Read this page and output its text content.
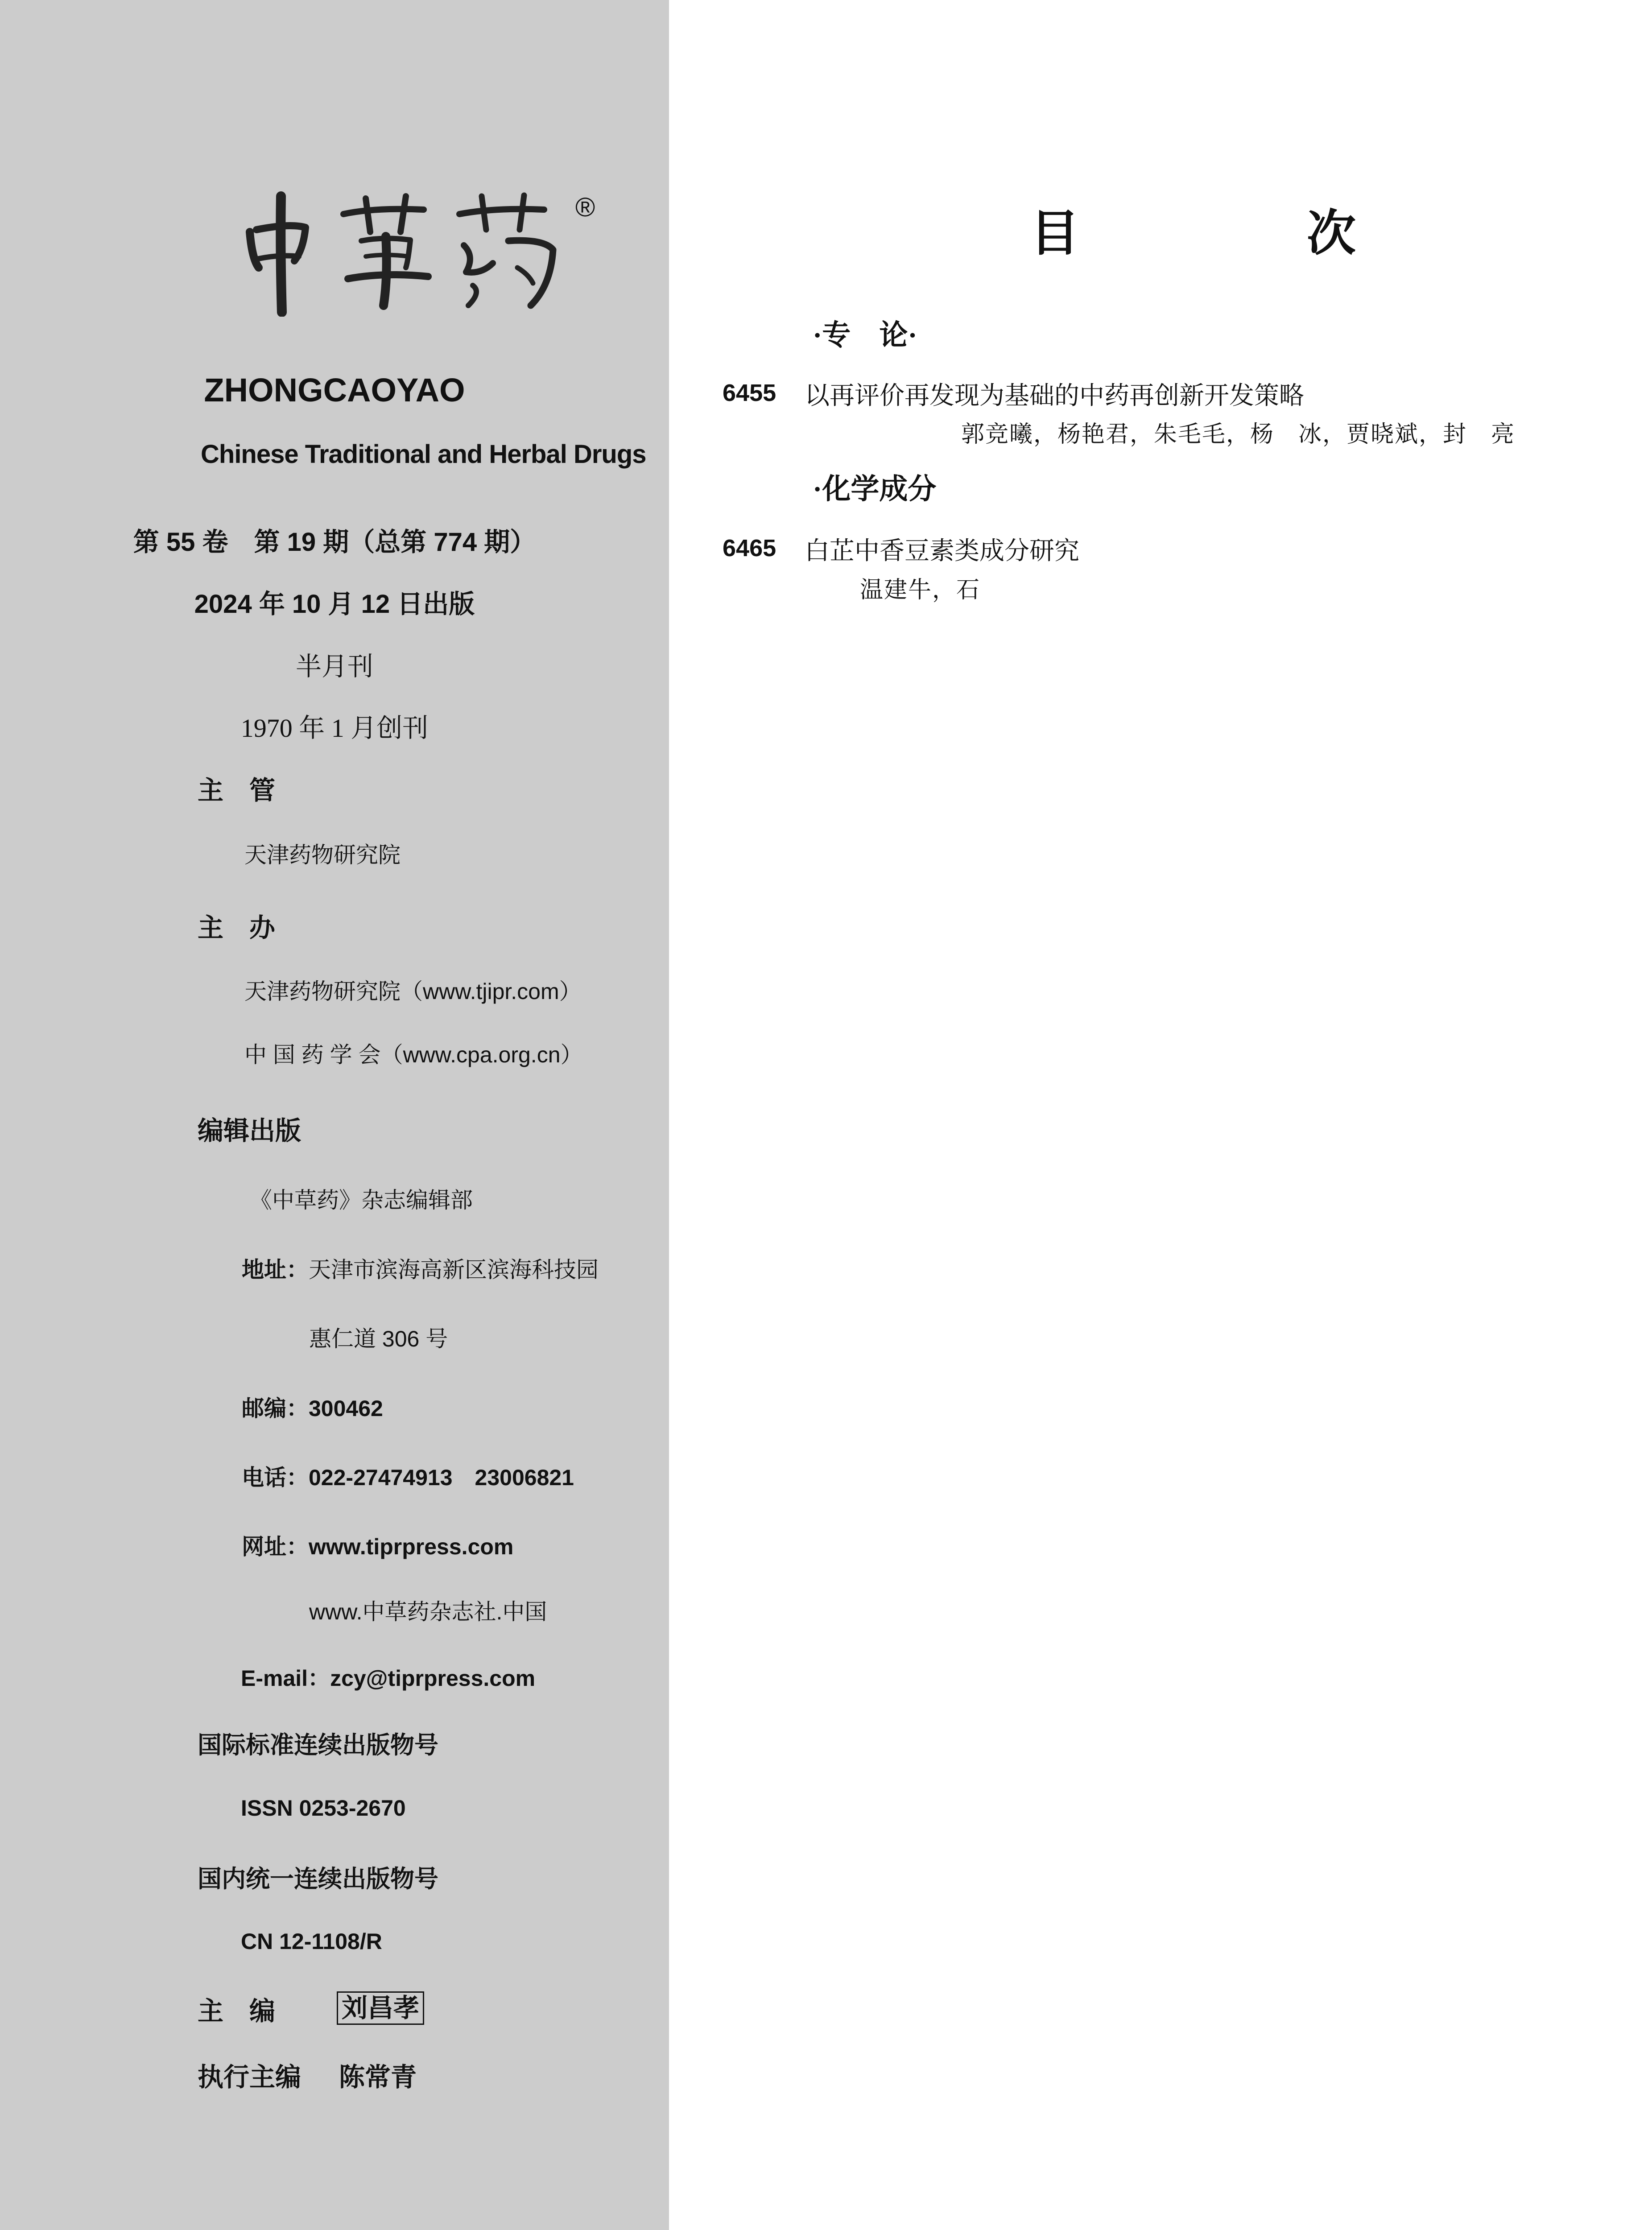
®
ZHONGCAOYAO
Chinese Traditional and Herbal Drugs
第 55 卷　第 19 期（总第 774 期）
2024 年 10 月 12 日出版
半月刊
1970 年 1 月创刊
主　管
天津药物研究院
主　办
天津药物研究院（www.tjipr.com）
中 国 药 学 会（www.cpa.org.cn）
编辑出版
《中草药》杂志编辑部
地址：天津市滨海高新区滨海科技园
惠仁道 306 号
邮编：300462
电话：022-27474913　23006821
网址：www.tiprpress.com
www.中草药杂志社.中国
E-mail：zcy@tiprpress.com
国际标准连续出版物号
ISSN 0253-2670
国内统一连续出版物号
CN 12-1108/R
主　编	刘昌孝
执行主编 陈常青
目　次
·专　论·
6455 以再评价再发现为基础的中药再创新开发策略
郭竞曦，杨艳君，朱毛毛，杨　冰，贾晓斌，封　亮
·化学成分
6465 白芷中香豆素类成分研究
温建牛，石
